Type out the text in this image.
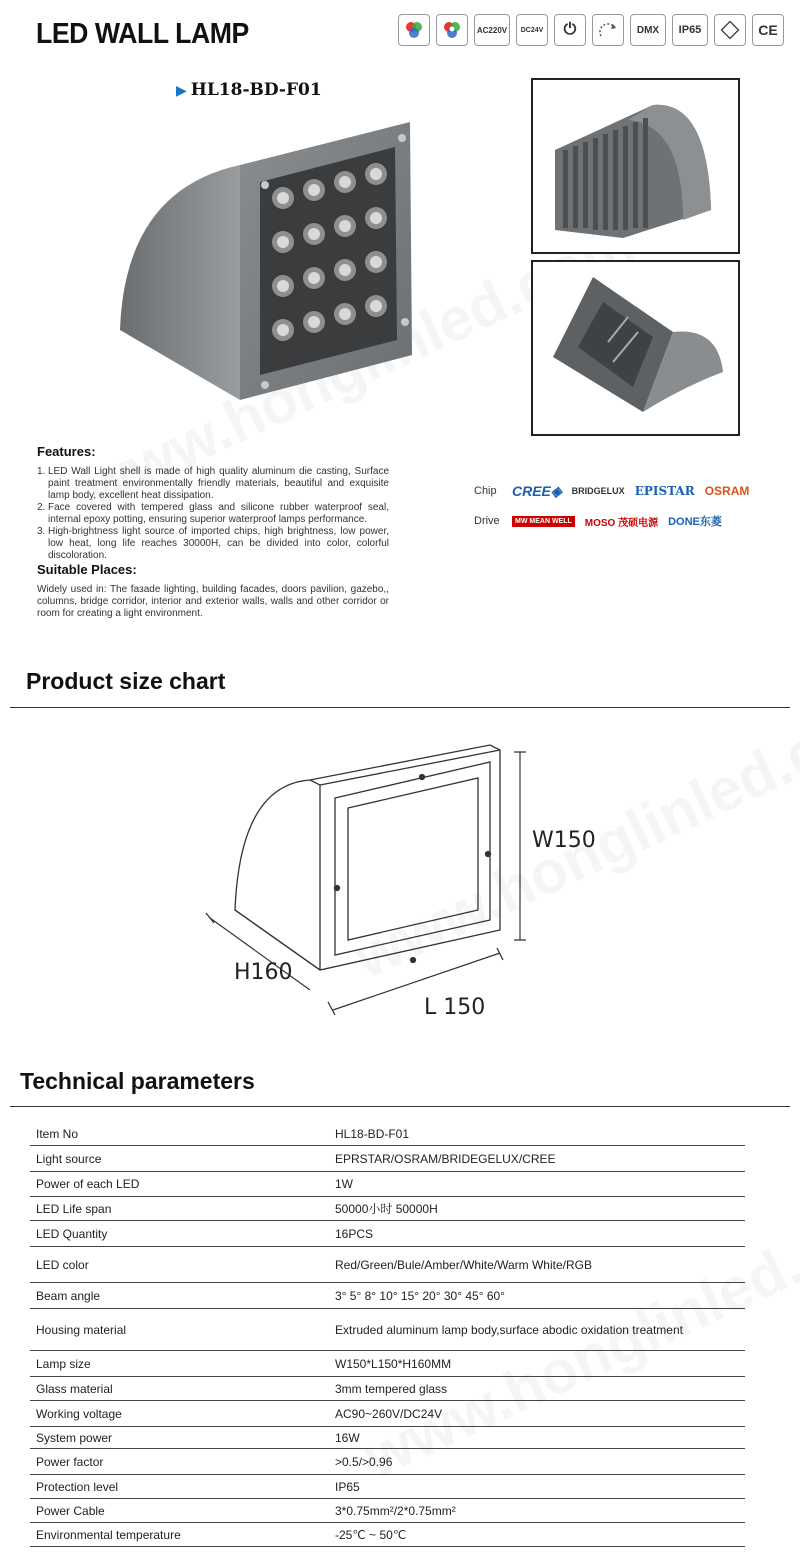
LED WALL LAMP	AC220V	DC24V	⏻	DMX	IP65	CE
▶ HL18-BD-F01
Features:
1. LED Wall Light shell is made of high quality aluminum die casting, Surface paint treatment environmentally friendly materials, beautiful and exquisite lamp body, excellent heat dissipation.
2. Face covered with tempered glass and silicone rubber waterproof seal, internal epoxy potting, ensuring superior waterproof lamps performance.
3. High-brightness light source of imported chips, high brightness, low power, low heat, long life reaches 30000H, can be divided into color, colorful discoloration.
Suitable Places:

Widely used in: The faзade lighting, building facades, doors pavilion, gazebo,, columns, bridge corridor, interior and exterior walls, walls and other corridor or room for creating a light environment.

Chip	CREE◈ BRIDGELUX EPISTAR OSRAM
Drive	MW MEAN WELL	MOSO 茂硕电源 DONE东菱
Product size chart
W150
H160
L 150
Technical parameters
Item No	HL18-BD-F01
Light source	EPRSTAR/OSRAM/BRIDEGELUX/CREE
Power of each LED	1W
LED Life span	50000小时 50000H
LED Quantity	16PCS
LED color	Red/Green/Bule/Amber/White/Warm White/RGB
Beam angle	3° 5° 8° 10° 15° 20° 30° 45° 60°
Housing material	Extruded aluminum lamp body,surface abodic oxidation treatment
Lamp size	W150*L150*H160MM
Glass material	3mm tempered glass
Working voltage	AC90~260V/DC24V
System power	16W
Power factor	>0.5/>0.96
Protection level	IP65
Power Cable	3*0.75mm²/2*0.75mm²
Environmental temperature	-25℃ ~ 50℃
